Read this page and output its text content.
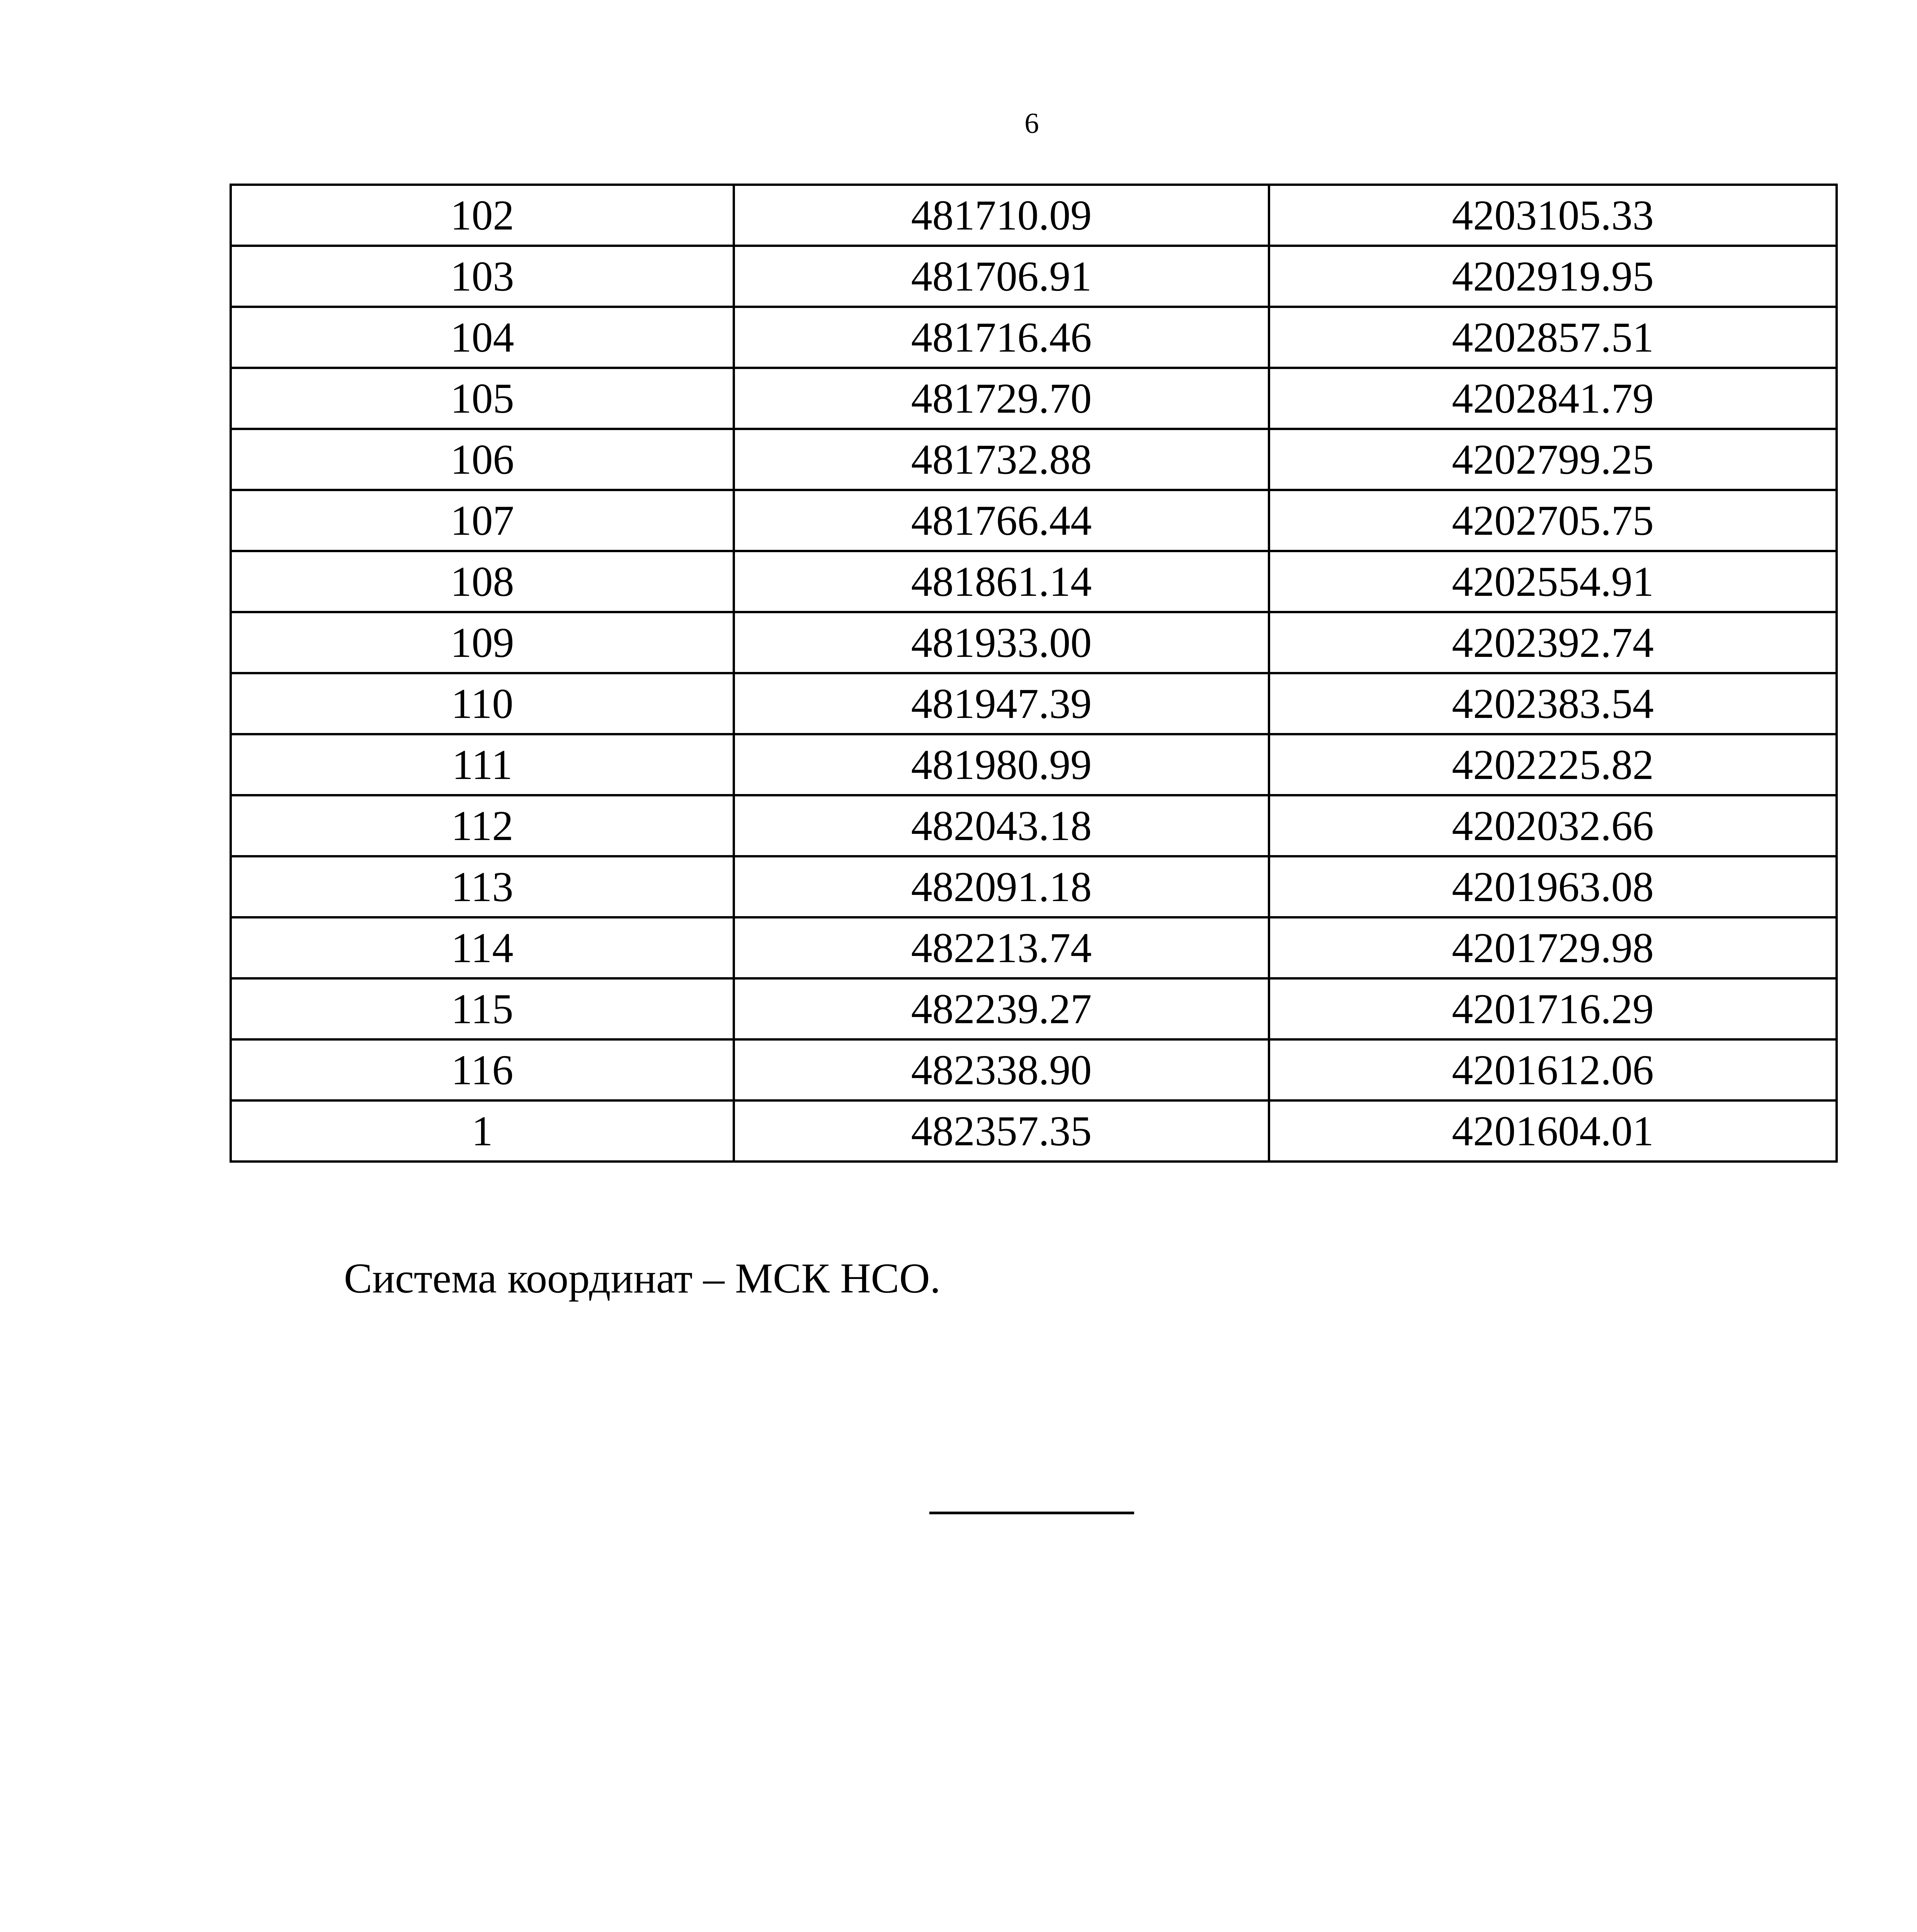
6
102	481710.09	4203105.33
103	481706.91	4202919.95
104	481716.46	4202857.51
105	481729.70	4202841.79
106	481732.88	4202799.25
107	481766.44	4202705.75
108	481861.14	4202554.91
109	481933.00	4202392.74
110	481947.39	4202383.54
111	481980.99	4202225.82
112	482043.18	4202032.66
113	482091.18	4201963.08
114	482213.74	4201729.98
115	482239.27	4201716.29
116	482338.90	4201612.06
1	482357.35	4201604.01
Система координат – МСК НСО.
